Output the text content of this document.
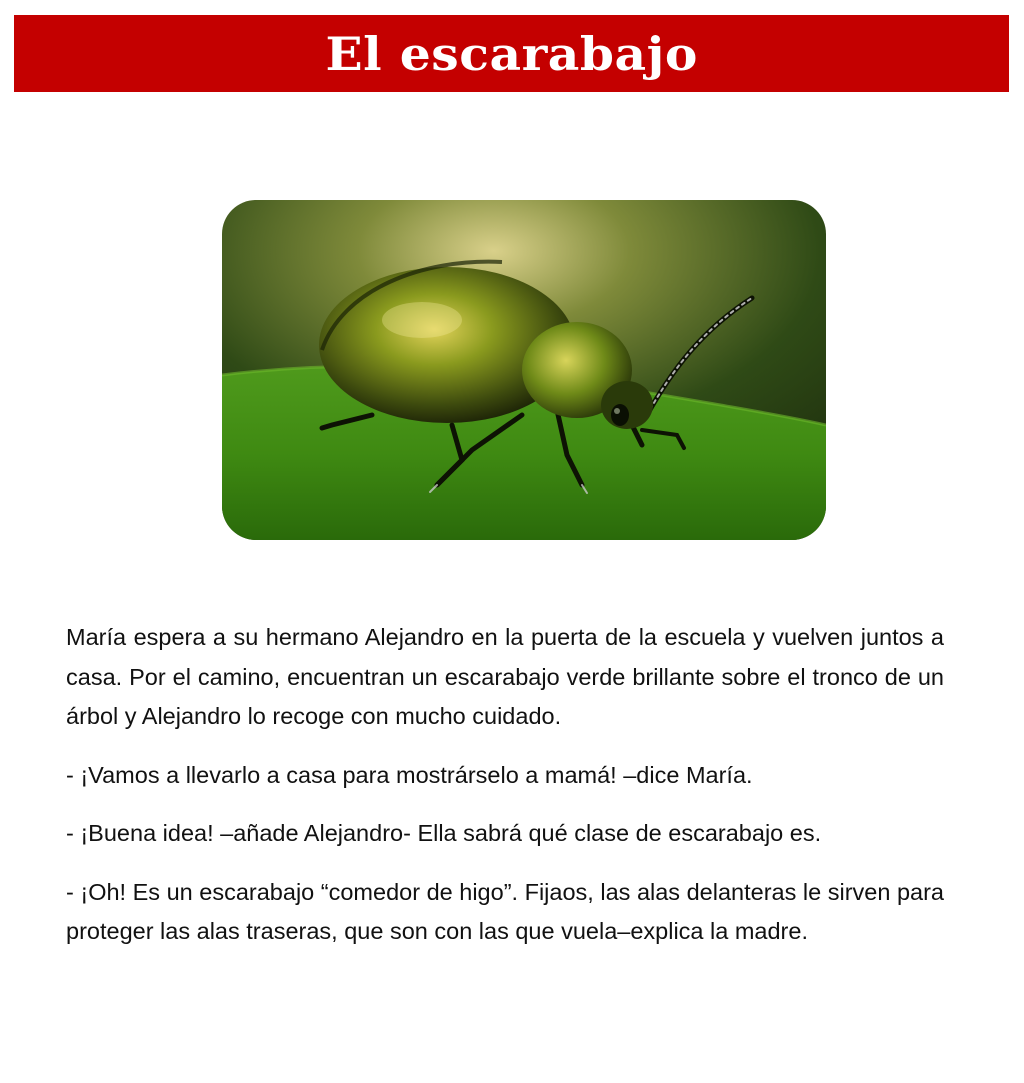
El escarabajo

María espera a su hermano Alejandro en la puerta de la escuela y vuelven juntos a casa. Por el camino, encuentran un escarabajo verde brillante sobre el tronco de un árbol y Alejandro lo recoge con mucho cuidado.

- ¡Vamos a llevarlo a casa para mostrárselo a mamá! –dice María.

- ¡Buena idea! –añade Alejandro- Ella sabrá qué clase de escarabajo es.

- ¡Oh! Es un escarabajo “comedor de higo”. Fijaos, las alas delanteras le sirven para proteger las alas traseras, que son con las que vuela–explica la madre.
